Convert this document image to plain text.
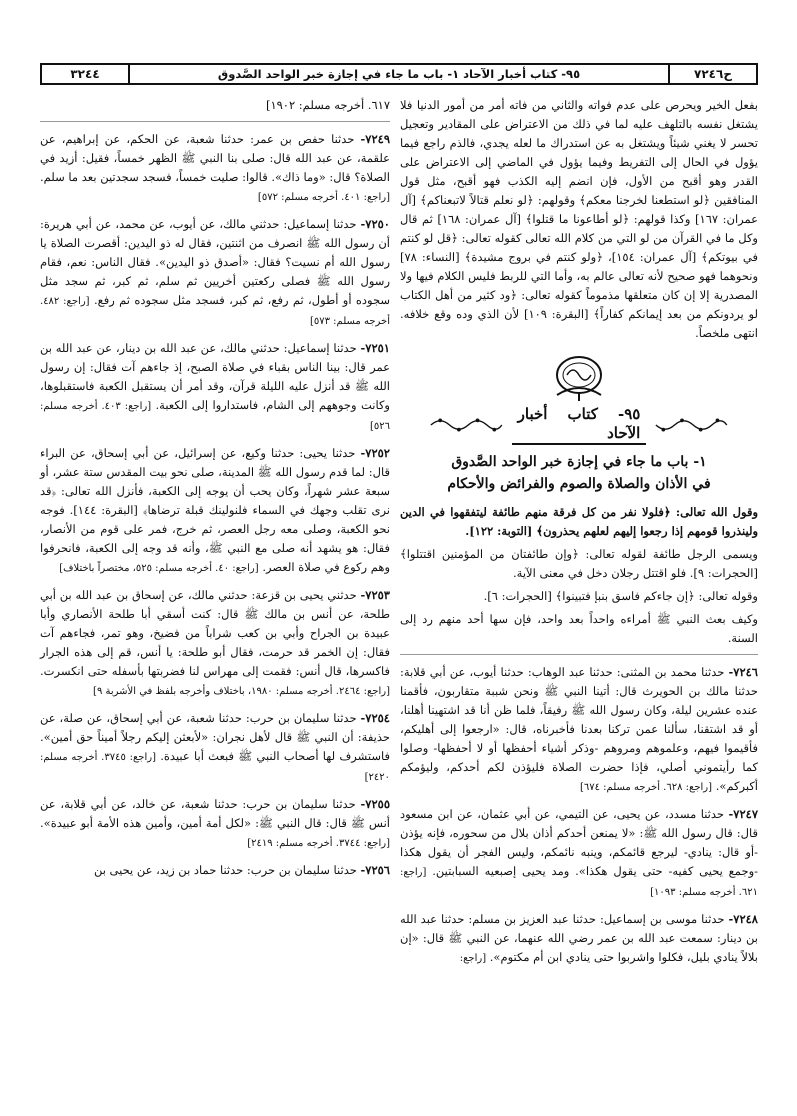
٣٢٤٤	٩٥- كتاب أخبار الآحاد ١- باب ما جاء في إجازة خبر الواحد الصَّدوق	ح٧٢٤٦

بفعل الخير ويحرص على عدم فواته والثاني من فاته أمر من أمور الدنيا فلا يشتغل نفسه بالتلهف عليه لما في ذلك من الاعتراض على المقادير وتعجيل تحسر لا يغني شيئاً ويشتغل به عن استدراك ما لعله يجدي، فالذم راجع فيما يؤول في الحال إلى التفريط وفيما يؤول في الماضي إلى الاعتراض على القدر وهو أقبح من الأول، فإن انضم إليه الكذب فهو أقبح، مثل قول المنافقين ﴿لو استطعنا لخرجنا معكم﴾ وقولهم: ﴿لو نعلم قتالاً لاتبعناكم﴾ [آل عمران: ١٦٧] وكذا قولهم: ﴿لو أطاعونا ما قتلوا﴾ [آل عمران: ١٦٨] ثم قال وكل ما في القرآن من لو التي من كلام الله تعالى كقوله تعالى: ﴿قل لو كنتم في بيوتكم﴾ [آل عمران: ١٥٤]، ﴿ولو كنتم في بروج مشيدة﴾ [النساء: ٧٨] ونحوهما فهو صحيح لأنه تعالى عالم به، وأما التي للربط فليس الكلام فيها ولا المصدرية إلا إن كان متعلقها مذموماً كقوله تعالى: ﴿ود كثير من أهل الكتاب لو يردونكم من بعد إيمانكم كفاراً﴾ [البقرة: ١٠٩] لأن الذي وده وقع خلافه. انتهى ملخصاً.

٩٥- كتاب أخبار الآحاد
١- باب ما جاء في إجازة خبر الواحد الصَّدوق
في الأذان والصلاة والصوم والفرائض والأحكام

وقول الله تعالى: ﴿فلولا نفر من كل فرقة منهم طائفة ليتفقهوا في الدين ولينذروا قومهم إذا رجعوا إليهم لعلهم يحذرون﴾ [التوبة: ١٢٢].

ويسمى الرجل طائفة لقوله تعالى: ﴿وإن طائفتان من المؤمنين اقتتلوا﴾ [الحجرات: ٩]. فلو اقتتل رجلان دخل في معنى الآية.

وقوله تعالى: ﴿إن جاءكم فاسق بنبإ فتبينوا﴾ [الحجرات: ٦].

وكيف بعث النبي ﷺ أمراءه واحداً بعد واحد، فإن سها أحد منهم رد إلى السنة.

٧٢٤٦- حدثنا محمد بن المثنى: حدثنا عبد الوهاب: حدثنا أيوب، عن أبي قلابة: حدثنا مالك بن الحويرث قال: أتينا النبي ﷺ ونحن شببة متقاربون، فأقمنا عنده عشرين ليلة، وكان رسول الله ﷺ رفيقاً، فلما ظن أنا قد اشتهينا أهلنا، أو قد اشتقنا، سألنا عمن تركنا بعدنا فأخبرناه، قال: «ارجعوا إلى أهليكم، فأقيموا فيهم، وعلموهم ومروهم -وذكر أشياء أحفظها أو لا أحفظها- وصلوا كما رأيتموني أصلي، فإذا حضرت الصلاة فليؤذن لكم أحدكم، وليؤمكم أكبركم». [راجع: ٦٢٨. أخرجه مسلم: ٦٧٤]
٧٢٤٧- حدثنا مسدد، عن يحيى، عن التيمي، عن أبي عثمان، عن ابن مسعود قال: قال رسول الله ﷺ: «لا يمنعن أحدكم أذان بلال من سحوره، فإنه يؤذن -أو قال: ينادي- ليرجع قائمكم، وينبه نائمكم، وليس الفجر أن يقول هكذا -وجمع يحيى كفيه- حتى يقول هكذا». ومد يحيى إصبعيه السبابتين. [راجع: ٦٢١. أخرجه مسلم: ١٠٩٣]
٧٢٤٨- حدثنا موسى بن إسماعيل: حدثنا عبد العزيز بن مسلم: حدثنا عبد الله بن دينار: سمعت عبد الله بن عمر رضي الله عنهما، عن النبي ﷺ قال: «إن بلالاً ينادي بليل، فكلوا واشربوا حتى ينادي ابن أم مكتوم». [راجع:

٦١٧. أخرجه مسلم: ١٩٠٢]

٧٢٤٩- حدثنا حفص بن عمر: حدثنا شعبة، عن الحكم، عن إبراهيم، عن علقمة، عن عبد الله قال: صلى بنا النبي ﷺ الظهر خمساً، فقيل: أزيد في الصلاة؟ قال: «وما ذاك». قالوا: صليت خمساً، فسجد سجدتين بعد ما سلم. [راجع: ٤٠١. أخرجه مسلم: ٥٧٢]
٧٢٥٠- حدثنا إسماعيل: حدثني مالك، عن أيوب، عن محمد، عن أبي هريرة: أن رسول الله ﷺ انصرف من اثنتين، فقال له ذو اليدين: أقصرت الصلاة يا رسول الله أم نسيت؟ فقال: «أصدق ذو اليدين». فقال الناس: نعم، فقام رسول الله ﷺ فصلى ركعتين أخريين ثم سلم، ثم كبر، ثم سجد مثل سجوده أو أطول، ثم رفع، ثم كبر، فسجد مثل سجوده ثم رفع. [راجع: ٤٨٢. أخرجه مسلم: ٥٧٣]
٧٢٥١- حدثنا إسماعيل: حدثني مالك، عن عبد الله بن دينار، عن عبد الله بن عمر قال: بينا الناس بقباء في صلاة الصبح، إذ جاءهم آت فقال: إن رسول الله ﷺ قد أنزل عليه الليلة قرآن، وقد أمر أن يستقبل الكعبة فاستقبلوها، وكانت وجوههم إلى الشام، فاستداروا إلى الكعبة. [راجع: ٤٠٣. أخرجه مسلم: ٥٢٦]
٧٢٥٢- حدثنا يحيى: حدثنا وكيع، عن إسرائيل، عن أبي إسحاق، عن البراء قال: لما قدم رسول الله ﷺ المدينة، صلى نحو بيت المقدس ستة عشر، أو سبعة عشر شهراً، وكان يحب أن يوجه إلى الكعبة، فأنزل الله تعالى: ﴿قد نرى تقلب وجهك في السماء فلنولينك قبلة ترضاها﴾ [البقرة: ١٤٤]. فوجه نحو الكعبة، وصلى معه رجل العصر، ثم خرج، فمر على قوم من الأنصار، فقال: هو يشهد أنه صلى مع النبي ﷺ، وأنه قد وجه إلى الكعبة، فانحرفوا وهم ركوع في صلاة العصر. [راجع: ٤٠. أخرجه مسلم: ٥٢٥، مختصراً باختلاف]
٧٢٥٣- حدثني يحيى بن قزعة: حدثني مالك، عن إسحاق بن عبد الله بن أبي طلحة، عن أنس بن مالك ﷺ قال: كنت أسقي أبا طلحة الأنصاري وأبا عبيدة بن الجراح وأبي بن كعب شراباً من فضيخ، وهو تمر، فجاءهم آت فقال: إن الخمر قد حرمت، فقال أبو طلحة: يا أنس، قم إلى هذه الجرار فاكسرها، قال أنس: فقمت إلى مهراس لنا فضربتها بأسفله حتى انكسرت. [راجع: ٢٤٦٤. أخرجه مسلم: ١٩٨٠، باختلاف وأخرجه بلفظ في الأشربة ٩]
٧٢٥٤- حدثنا سليمان بن حرب: حدثنا شعبة، عن أبي إسحاق، عن صلة، عن حذيفة: أن النبي ﷺ قال لأهل نجران: «لأبعثن إليكم رجلاً أميناً حق أمين». فاستشرف لها أصحاب النبي ﷺ فبعث أبا عبيدة. [راجع: ٣٧٤٥. أخرجه مسلم: ٢٤٢٠]
٧٢٥٥- حدثنا سليمان بن حرب: حدثنا شعبة، عن خالد، عن أبي قلابة، عن أنس ﷺ قال: قال النبي ﷺ: «لكل أمة أمين، وأمين هذه الأمة أبو عبيدة». [راجع: ٣٧٤٤. أخرجه مسلم: ٢٤١٩]
٧٢٥٦- حدثنا سليمان بن حرب: حدثنا حماد بن زيد، عن يحيى بن
